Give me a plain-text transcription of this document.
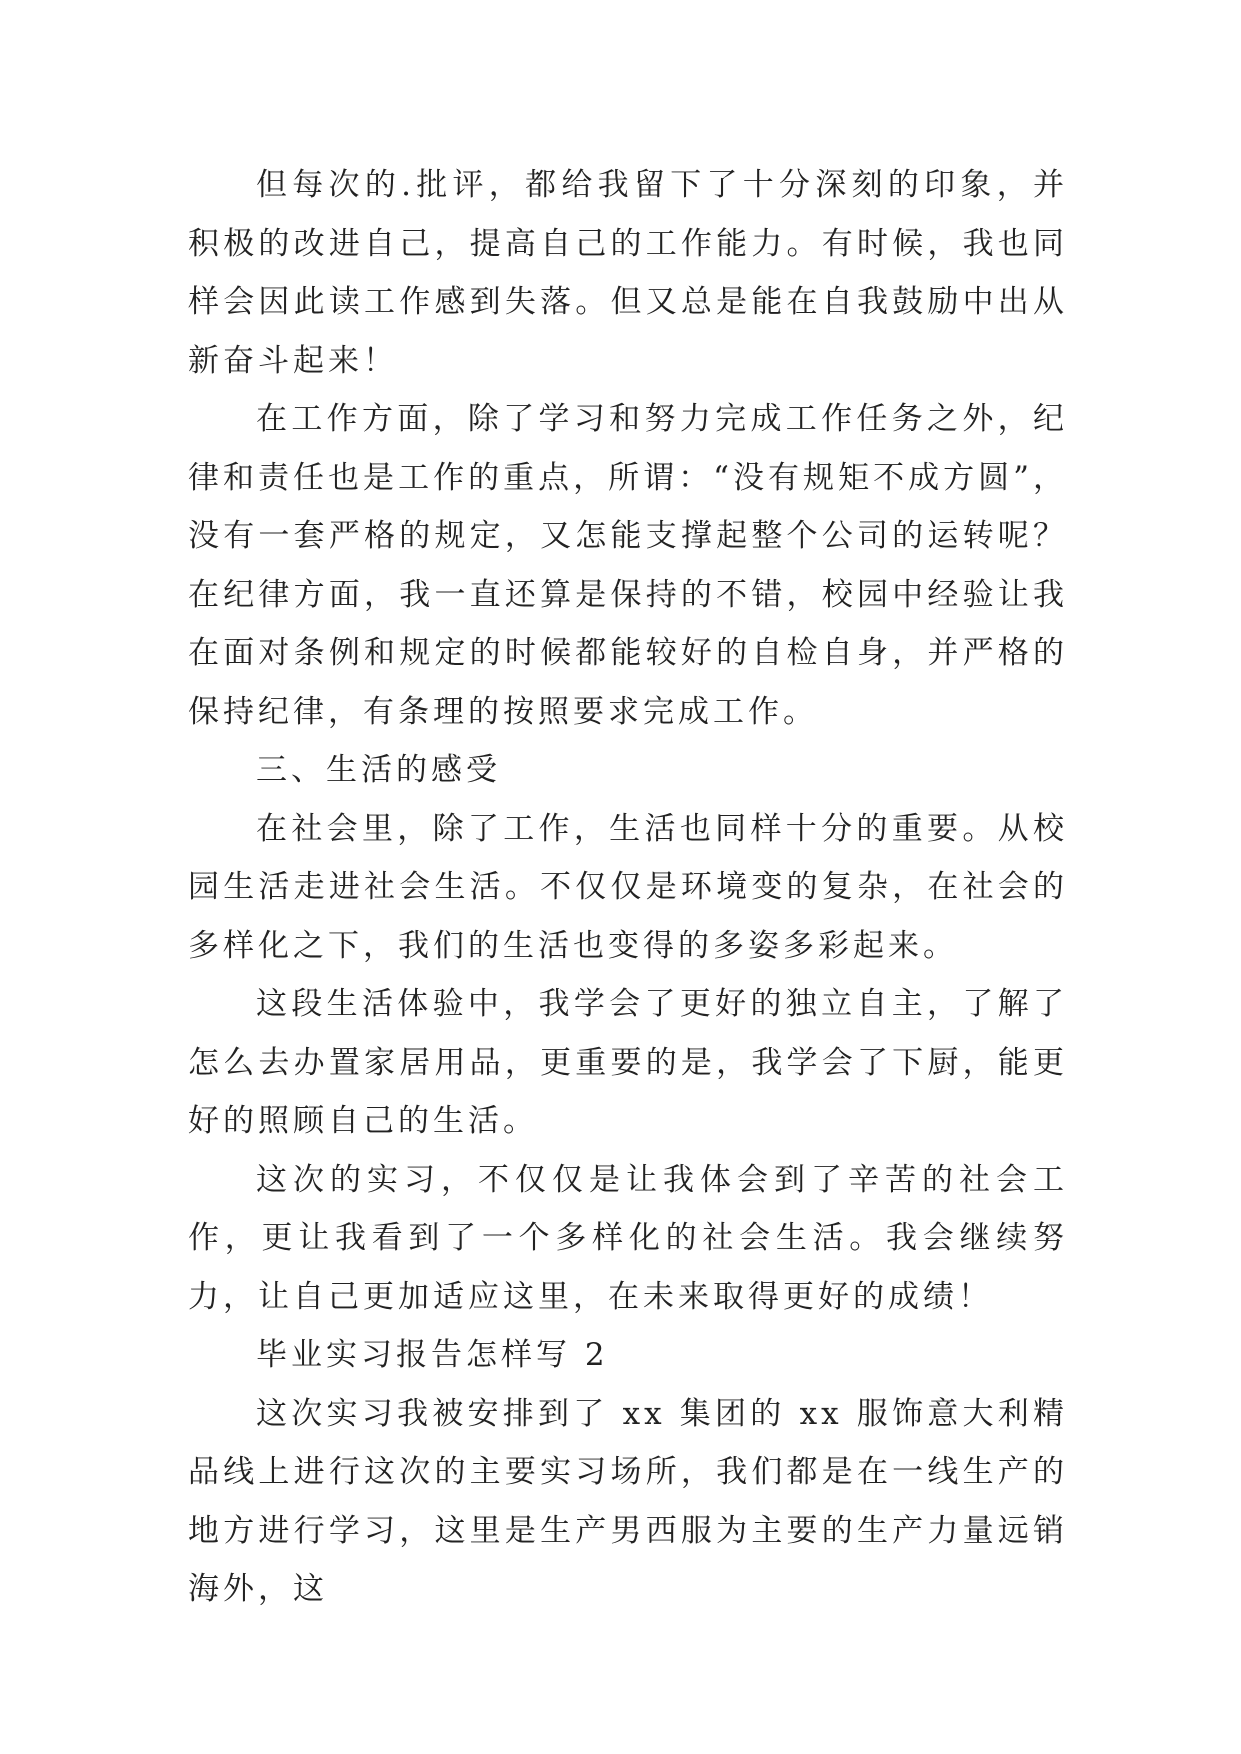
但每次的.批评，都给我留下了十分深刻的印象，并积极的改进自己，提高自己的工作能力。有时候，我也同样会因此读工作感到失落。但又总是能在自我鼓励中出从新奋斗起来！

在工作方面，除了学习和努力完成工作任务之外，纪律和责任也是工作的重点，所谓：“没有规矩不成方圆”，没有一套严格的规定，又怎能支撑起整个公司的运转呢？在纪律方面，我一直还算是保持的不错，校园中经验让我在面对条例和规定的时候都能较好的自检自身，并严格的保持纪律，有条理的按照要求完成工作。

三、生活的感受

在社会里，除了工作，生活也同样十分的重要。从校园生活走进社会生活。不仅仅是环境变的复杂，在社会的多样化之下，我们的生活也变得的多姿多彩起来。

这段生活体验中，我学会了更好的独立自主，了解了怎么去办置家居用品，更重要的是，我学会了下厨，能更好的照顾自己的生活。

这次的实习，不仅仅是让我体会到了辛苦的社会工作，更让我看到了一个多样化的社会生活。我会继续努力，让自己更加适应这里，在未来取得更好的成绩！

毕业实习报告怎样写 2

这次实习我被安排到了 xx 集团的 xx 服饰意大利精品线上进行这次的主要实习场所，我们都是在一线生产的地方进行学习，这里是生产男西服为主要的生产力量远销海外，这
